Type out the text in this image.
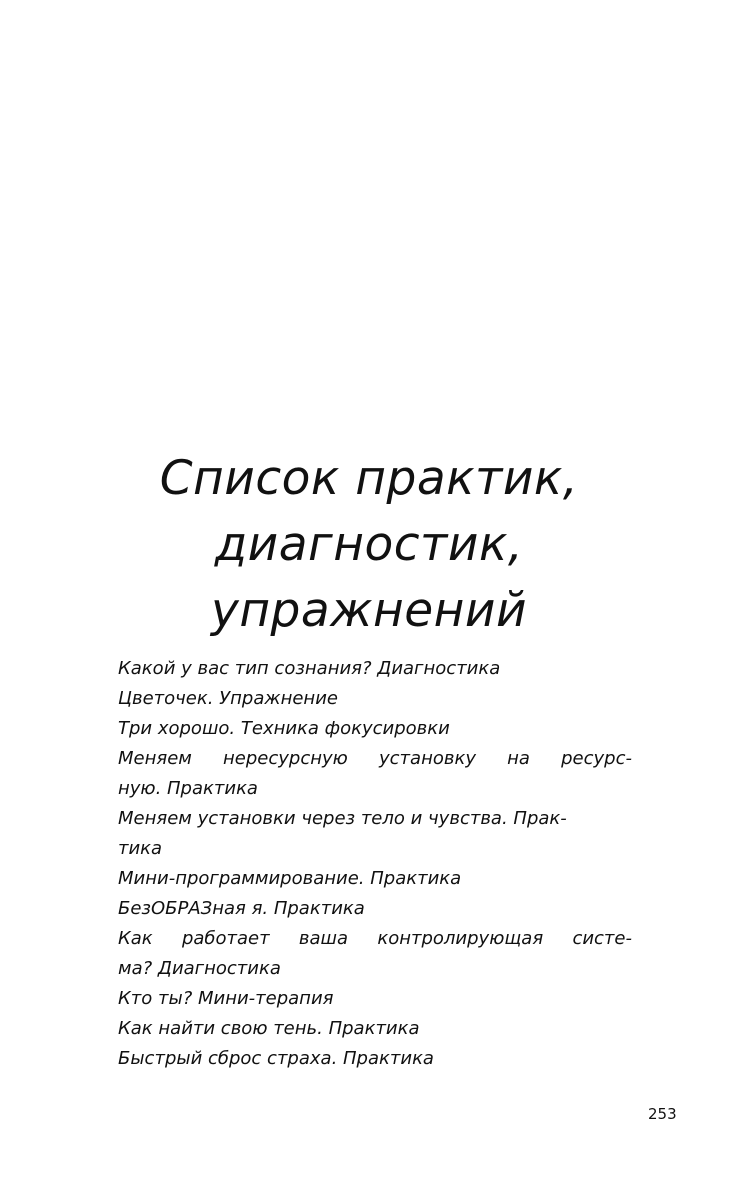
Список практик,
диагностик,
упражнений
Какой у вас тип сознания? Диагностика
Цветочек. Упражнение
Три хорошо. Техника фокусировки
Меняем нересурсную установку на ресурс-
ную. Практика
Меняем установки через тело и чувства. Прак-
тика
Мини-программирование. Практика
БезОБРАЗная я. Практика
Как работает ваша контролирующая систе-
ма? Диагностика
Кто ты? Мини-терапия
Как найти свою тень. Практика
Быстрый сброс страха. Практика
253
